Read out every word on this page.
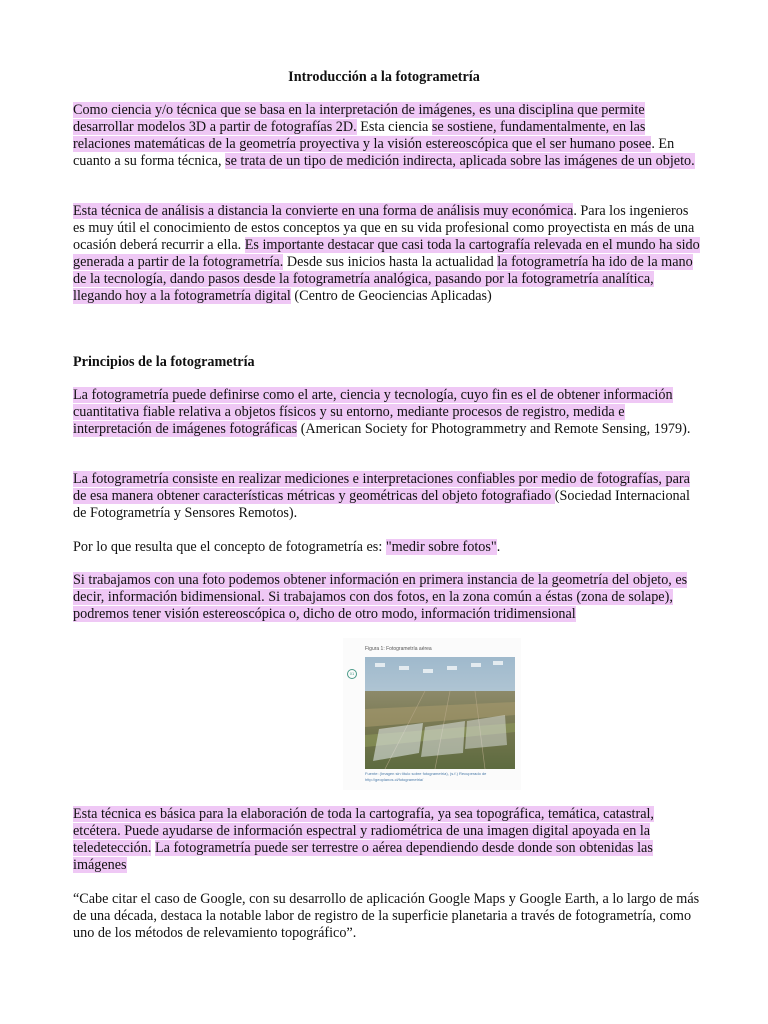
Introducción a la fotogrametría

Como ciencia y/o técnica que se basa en la interpretación de imágenes, es una disciplina que permite desarrollar modelos 3D a partir de fotografías 2D. Esta ciencia se sostiene, fundamentalmente, en las relaciones matemáticas de la geometría proyectiva y la visión estereoscópica que el ser humano posee. En cuanto a su forma técnica, se trata de un tipo de medición indirecta, aplicada sobre las imágenes de un objeto.

Esta técnica de análisis a distancia la convierte en una forma de análisis muy económica. Para los ingenieros es muy útil el conocimiento de estos conceptos ya que en su vida profesional como proyectista en más de una ocasión deberá recurrir a ella. Es importante destacar que casi toda la cartografía relevada en el mundo ha sido generada a partir de la fotogrametría. Desde sus inicios hasta la actualidad la fotogrametría ha ido de la mano de la tecnología, dando pasos desde la fotogrametría analógica, pasando por la fotogrametría analítica, llegando hoy a la fotogrametría digital (Centro de Geociencias Aplicadas)

Principios de la fotogrametría

La fotogrametría puede definirse como el arte, ciencia y tecnología, cuyo fin es el de obtener información cuantitativa fiable relativa a objetos físicos y su entorno, mediante procesos de registro, medida e interpretación de imágenes fotográficas (American Society for Photogrammetry and Remote Sensing, 1979).

La fotogrametría consiste en realizar mediciones e interpretaciones confiables por medio de fotografías, para de esa manera obtener características métricas y geométricas del objeto fotografiado (Sociedad Internacional de Fotogrametría y Sensores Remotos).

Por lo que resulta que el concepto de fotogrametría es: "medir sobre fotos".

Si trabajamos con una foto podemos obtener información en primera instancia de la geometría del objeto, es decir, información bidimensional. Si trabajamos con dos fotos, en la zona común a éstas (zona de solape), podremos tener visión estereoscópica o, dicho de otro modo, información tridimensional

Figura 1: Fotogrametría aérea
01
Fuente: (Imagen sin título sobre fotogrametría), (s.f.) Recuperado de http://geoplanos.cl/fotogrametria/

Esta técnica es básica para la elaboración de toda la cartografía, ya sea topográfica, temática, catastral, etcétera. Puede ayudarse de información espectral y radiométrica de una imagen digital apoyada en la teledetección. La fotogrametría puede ser terrestre o aérea dependiendo desde donde son obtenidas las imágenes

“Cabe citar el caso de Google, con su desarrollo de aplicación Google Maps y Google Earth, a lo largo de más de una década, destaca la notable labor de registro de la superficie planetaria a través de fotogrametría, como uno de los métodos de relevamiento topográfico”.
